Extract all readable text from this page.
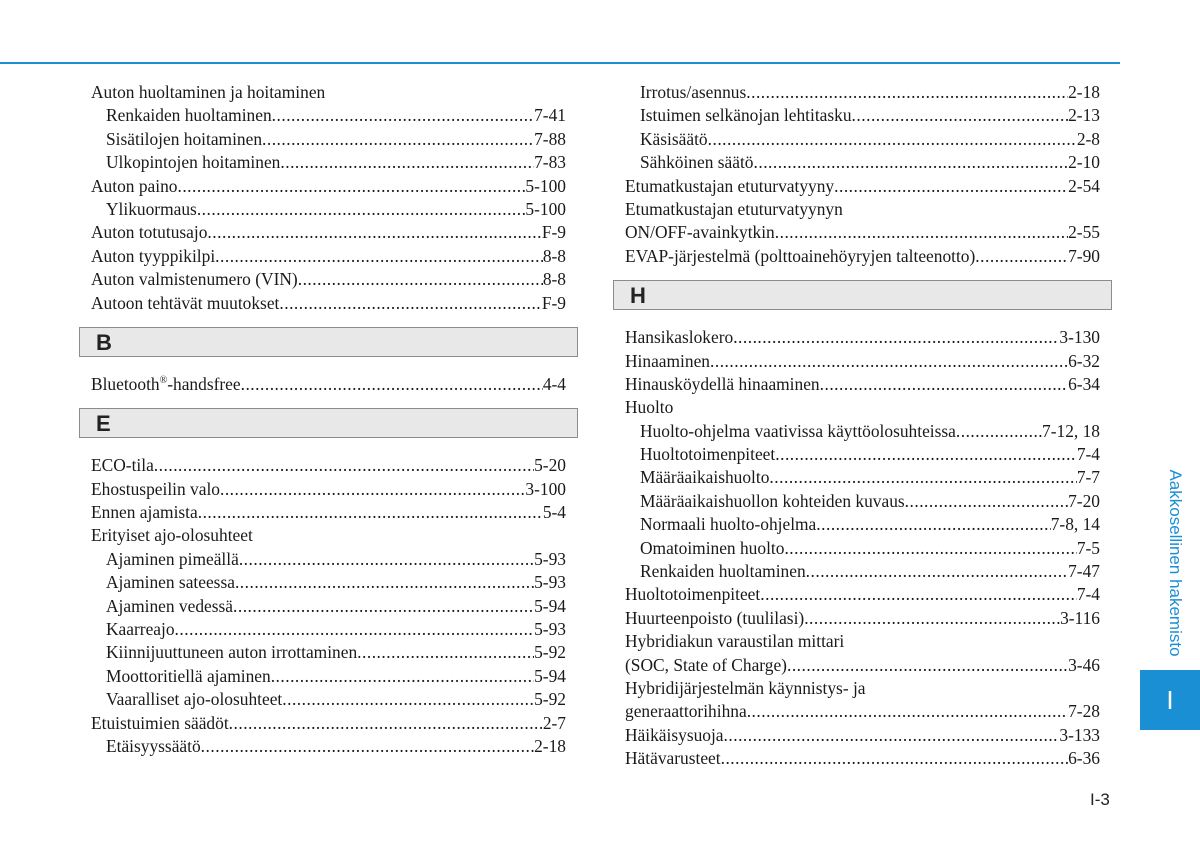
Auton huoltaminen ja hoitaminen
Renkaiden huoltaminen .....	7-41
Sisätilojen hoitaminen .....	7-88
Ulkopintojen hoitaminen .....	7-83
Auton paino .....	5-100
Ylikuormaus .....	5-100
Auton totutusajo .....	F-9
Auton tyyppikilpi .....	8-8
Auton valmistenumero (VIN) .....	8-8
Autoon tehtävät muutokset .....	F-9
B
Bluetooth®-handsfree .....	4-4
E
ECO-tila .....	5-20
Ehostuspeilin valo .....	3-100
Ennen ajamista .....	5-4
Erityiset ajo-olosuhteet
Ajaminen pimeällä .....	5-93
Ajaminen sateessa .....	5-93
Ajaminen vedessä .....	5-94
Kaarreajo .....	5-93
Kiinnijuuttuneen auton irrottaminen .....	5-92
Moottoritiellä ajaminen .....	5-94
Vaaralliset ajo-olosuhteet .....	5-92
Etuistuimien säädöt .....	2-7
Etäisyyssäätö .....	2-18
Irrotus/asennus .....	2-18
Istuimen selkänojan lehtitasku .....	2-13
Käsisäätö .....	2-8
Sähköinen säätö .....	2-10
Etumatkustajan etuturvatyyny .....	2-54
Etumatkustajan etuturvatyynyn
ON/OFF-avainkytkin .....	2-55
EVAP-järjestelmä (polttoainehöyryjen talteenotto) .....	7-90
H
Hansikaslokero .....	3-130
Hinaaminen .....	6-32
Hinausköydellä hinaaminen .....	6-34
Huolto
Huolto-ohjelma vaativissa käyttöolosuhteissa .....	7-12, 18
Huoltotoimenpiteet .....	7-4
Määräaikaishuolto .....	7-7
Määräaikaishuollon kohteiden kuvaus .....	7-20
Normaali huolto-ohjelma .....	7-8, 14
Omatoiminen huolto .....	7-5
Renkaiden huoltaminen .....	7-47
Huoltotoimenpiteet .....	7-4
Huurteenpoisto (tuulilasi) .....	3-116
Hybridiakun varaustilan mittari
(SOC, State of Charge) .....	3-46
Hybridijärjestelmän käynnistys- ja
generaattorihihna .....	7-28
Häikäisysuoja .....	3-133
Hätävarusteet .....	6-36
Aakkosellinen hakemisto
I
I-3
